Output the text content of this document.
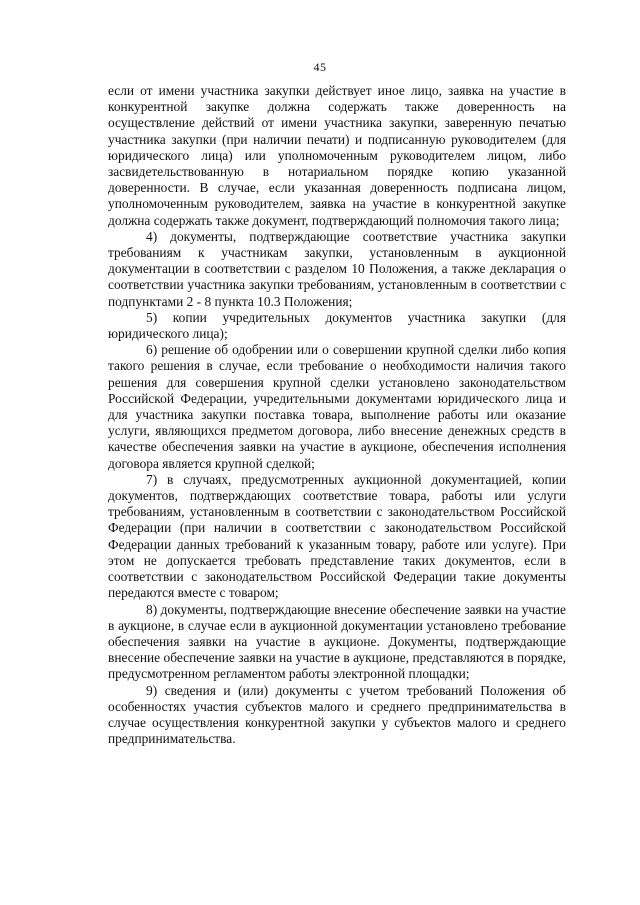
45

если от имени участника закупки действует иное лицо, заявка на участие в конкурентной закупке должна содержать также доверенность на осуществление действий от имени участника закупки, заверенную печатью участника закупки (при наличии печати) и подписанную руководителем (для юридического лица) или уполномоченным руководителем лицом, либо засвидетельствованную в нотариальном порядке копию указанной доверенности. В случае, если указанная доверенность подписана лицом, уполномоченным руководителем, заявка на участие в конкурентной закупке должна содержать также документ, подтверждающий полномочия такого лица;

4) документы, подтверждающие соответствие участника закупки требованиям к участникам закупки, установленным в аукционной документации в соответствии с разделом 10 Положения, а также декларация о соответствии участника закупки требованиям, установленным в соответствии с подпунктами 2 - 8 пункта 10.3 Положения;

5) копии учредительных документов участника закупки (для юридического лица);

6) решение об одобрении или о совершении крупной сделки либо копия такого решения в случае, если требование о необходимости наличия такого решения для совершения крупной сделки установлено законодательством Российской Федерации, учредительными документами юридического лица и для участника закупки поставка товара, выполнение работы или оказание услуги, являющихся предметом договора, либо внесение денежных средств в качестве обеспечения заявки на участие в аукционе, обеспечения исполнения договора является крупной сделкой;

7) в случаях, предусмотренных аукционной документацией, копии документов, подтверждающих соответствие товара, работы или услуги требованиям, установленным в соответствии с законодательством Российской Федерации (при наличии в соответствии с законодательством Российской Федерации данных требований к указанным товару, работе или услуге). При этом не допускается требовать представление таких документов, если в соответствии с законодательством Российской Федерации такие документы передаются вместе с товаром;

8) документы, подтверждающие внесение обеспечение заявки на участие в аукционе, в случае если в аукционной документации установлено требование обеспечения заявки на участие в аукционе. Документы, подтверждающие внесение обеспечение заявки на участие в аукционе, представляются в порядке, предусмотренном регламентом работы электронной площадки;

9) сведения и (или) документы с учетом требований Положения об особенностях участия субъектов малого и среднего предпринимательства в случае осуществления конкурентной закупки у субъектов малого и среднего предпринимательства.
